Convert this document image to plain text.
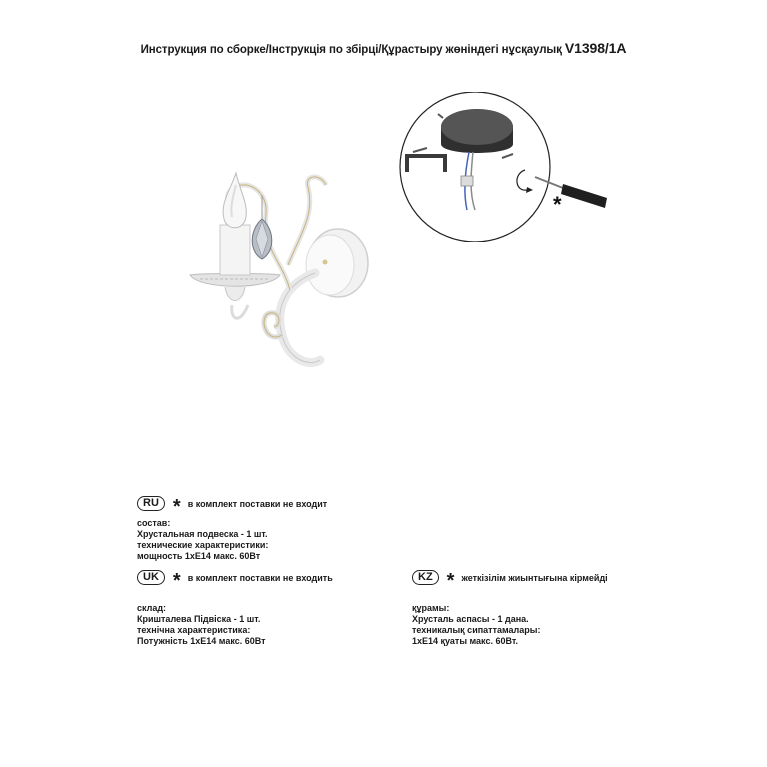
Инструкция по сборке/Інструкція по збірці/Құрастыру жөніндегі нұсқаулық V1398/1A
*
RU * в комплект поставки не входит
состав:
Хрустальная подвеска - 1 шт.
технические характеристики:
мощность 1хЕ14 макс. 60Вт
UK * в комплект поставки не входить
склад:
Кришталева Підвіска - 1 шт.
технічна характеристика:
Потужність 1хЕ14 макс. 60Вт
KZ * жеткізілім жиынтығына кірмейді
құрамы:
Хрусталь аспасы - 1 дана.
техникалық сипаттамалары:
1хЕ14 қуаты макс. 60Вт.
